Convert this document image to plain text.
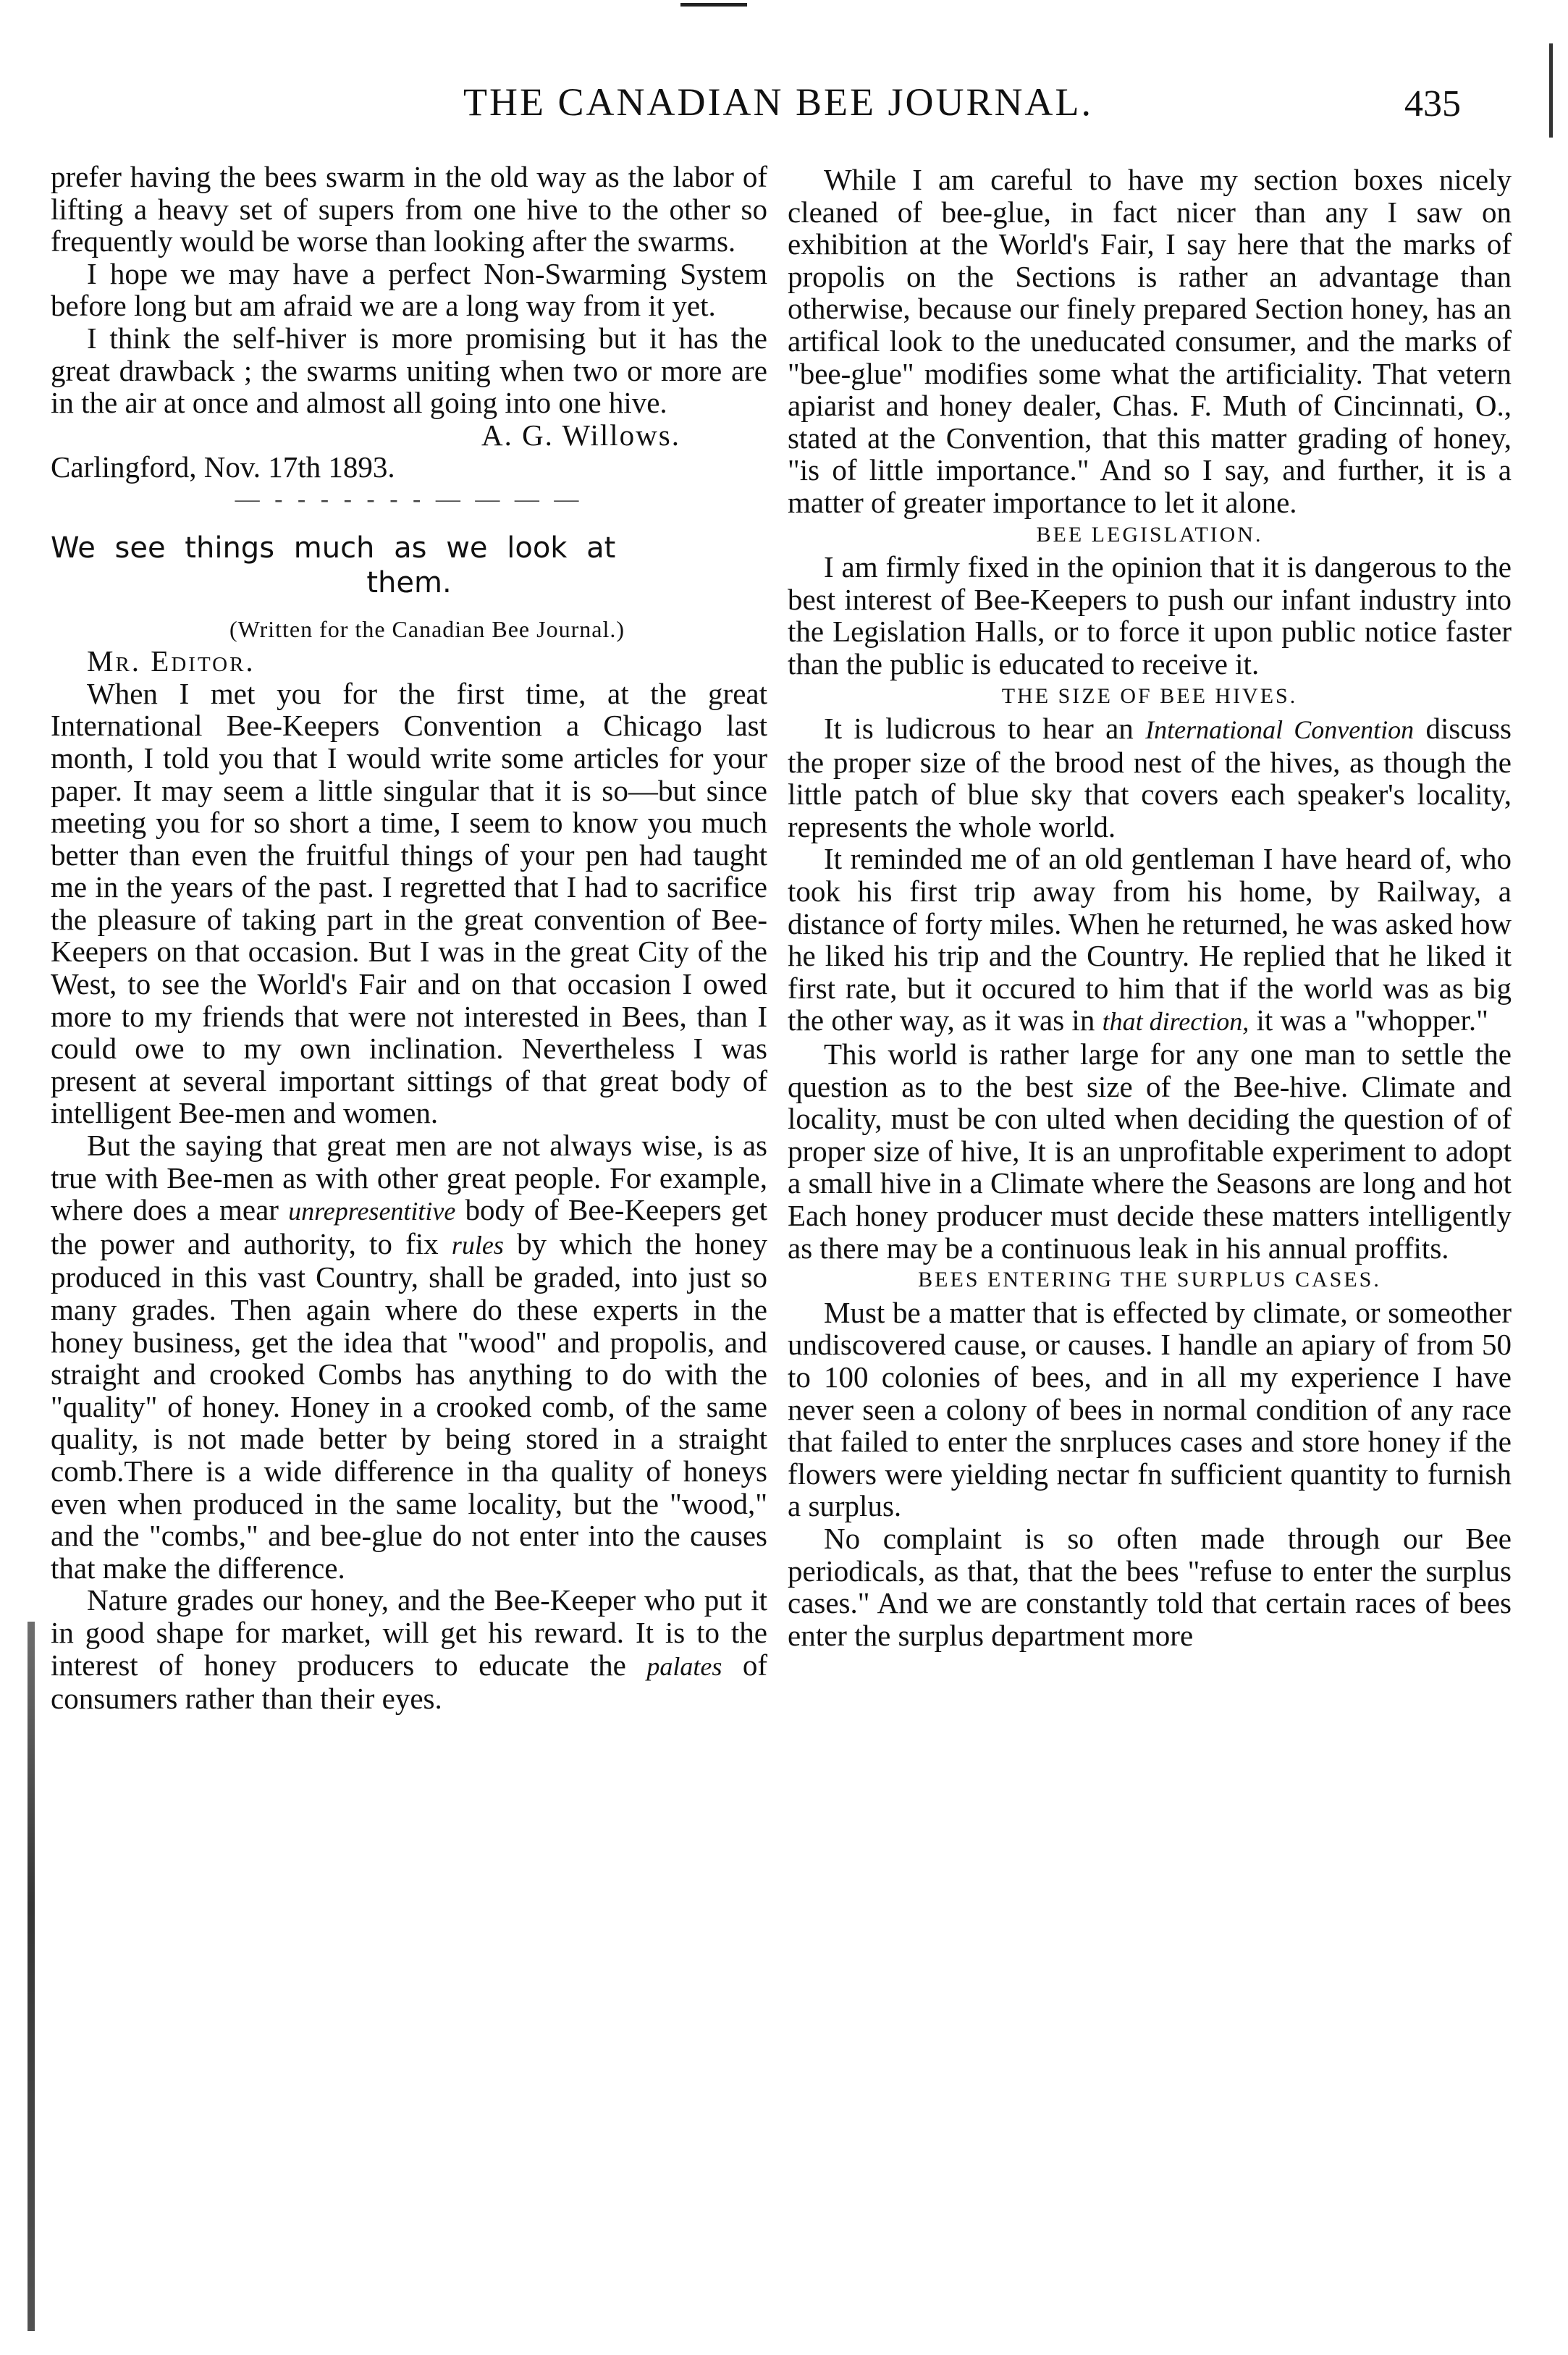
THE CANADIAN BEE JOURNAL.	435

prefer having the bees swarm in the old way as the labor of lifting a heavy set of supers from one hive to the other so frequently would be worse than looking after the swarms.

I hope we may have a perfect Non-Swarming System before long but am afraid we are a long way from it yet.

I think the self-hiver is more promising but it has the great drawback ; the swarms uniting when two or more are in the air at once and almost all going into one hive.

A. G. Willows.

Carlingford, Nov. 17th 1893.

— - - - - - - - — — — —
We see things much as we look at
them.

(Written for the Canadian Bee Journal.)

Mr. Editor.

When I met you for the first time, at the great International Bee-Keepers Convention a Chicago last month, I told you that I would write some articles for your paper. It may seem a little singular that it is so—but since meeting you for so short a time, I seem to know you much better than even the fruitful things of your pen had taught me in the years of the past. I regretted that I had to sacrifice the pleasure of taking part in the great convention of Bee-Keepers on that occasion. But I was in the great City of the West, to see the World's Fair and on that occasion I owed more to my friends that were not interested in Bees, than I could owe to my own inclination. Nevertheless I was present at several important sittings of that great body of intelligent Bee-men and women.

But the saying that great men are not always wise, is as true with Bee-men as with other great people. For example, where does a mear unrepresentitive body of Bee-Keepers get the power and authority, to fix rules by which the honey produced in this vast Country, shall be graded, into just so many grades. Then again where do these experts in the honey business, get the idea that "wood" and propolis, and straight and crooked Combs has anything to do with the "quality" of honey. Honey in a crooked comb, of the same quality, is not made better by being stored in a straight comb.There is a wide difference in tha quality of honeys even when produced in the same locality, but the "wood," and the "combs," and bee-glue do not enter into the causes that make the difference.

Nature grades our honey, and the Bee-Keeper who put it in good shape for market, will get his reward. It is to the interest of honey producers to educate the palates of consumers rather than their eyes.

While I am careful to have my section boxes nicely cleaned of bee-glue, in fact nicer than any I saw on exhibition at the World's Fair, I say here that the marks of propolis on the Sections is rather an advantage than otherwise, because our finely prepared Section honey, has an artifical look to the uneducated consumer, and the marks of "bee-glue" modifies some what the artificiality. That vetern apiarist and honey dealer, Chas. F. Muth of Cincinnati, O., stated at the Convention, that this matter grading of honey, "is of little importance." And so I say, and further, it is a matter of greater importance to let it alone.

BEE LEGISLATION.

I am firmly fixed in the opinion that it is dangerous to the best interest of Bee-Keepers to push our infant industry into the Legislation Halls, or to force it upon public notice faster than the public is educated to receive it.

THE SIZE OF BEE HIVES.

It is ludicrous to hear an International Convention discuss the proper size of the brood nest of the hives, as though the little patch of blue sky that covers each speaker's locality, represents the whole world.

It reminded me of an old gentleman I have heard of, who took his first trip away from his home, by Railway, a distance of forty miles. When he returned, he was asked how he liked his trip and the Country. He replied that he liked it first rate, but it occured to him that if the world was as big the other way, as it was in that direction, it was a "whopper."

This world is rather large for any one man to settle the question as to the best size of the Bee-hive. Climate and locality, must be con ulted when deciding the question of of proper size of hive, It is an unprofitable experiment to adopt a small hive in a Climate where the Seasons are long and hot Each honey producer must decide these matters intelligently as there may be a continuous leak in his annual proffits.

BEES ENTERING THE SURPLUS CASES.

Must be a matter that is effected by climate, or someother undiscovered cause, or causes. I handle an apiary of from 50 to 100 colonies of bees, and in all my experience I have never seen a colony of bees in normal condition of any race that failed to enter the snrpluces cases and store honey if the flowers were yielding nectar fn sufficient quantity to furnish a surplus.

No complaint is so often made through our Bee periodicals, as that, that the bees "refuse to enter the surplus cases." And we are constantly told that certain races of bees enter the surplus department more
